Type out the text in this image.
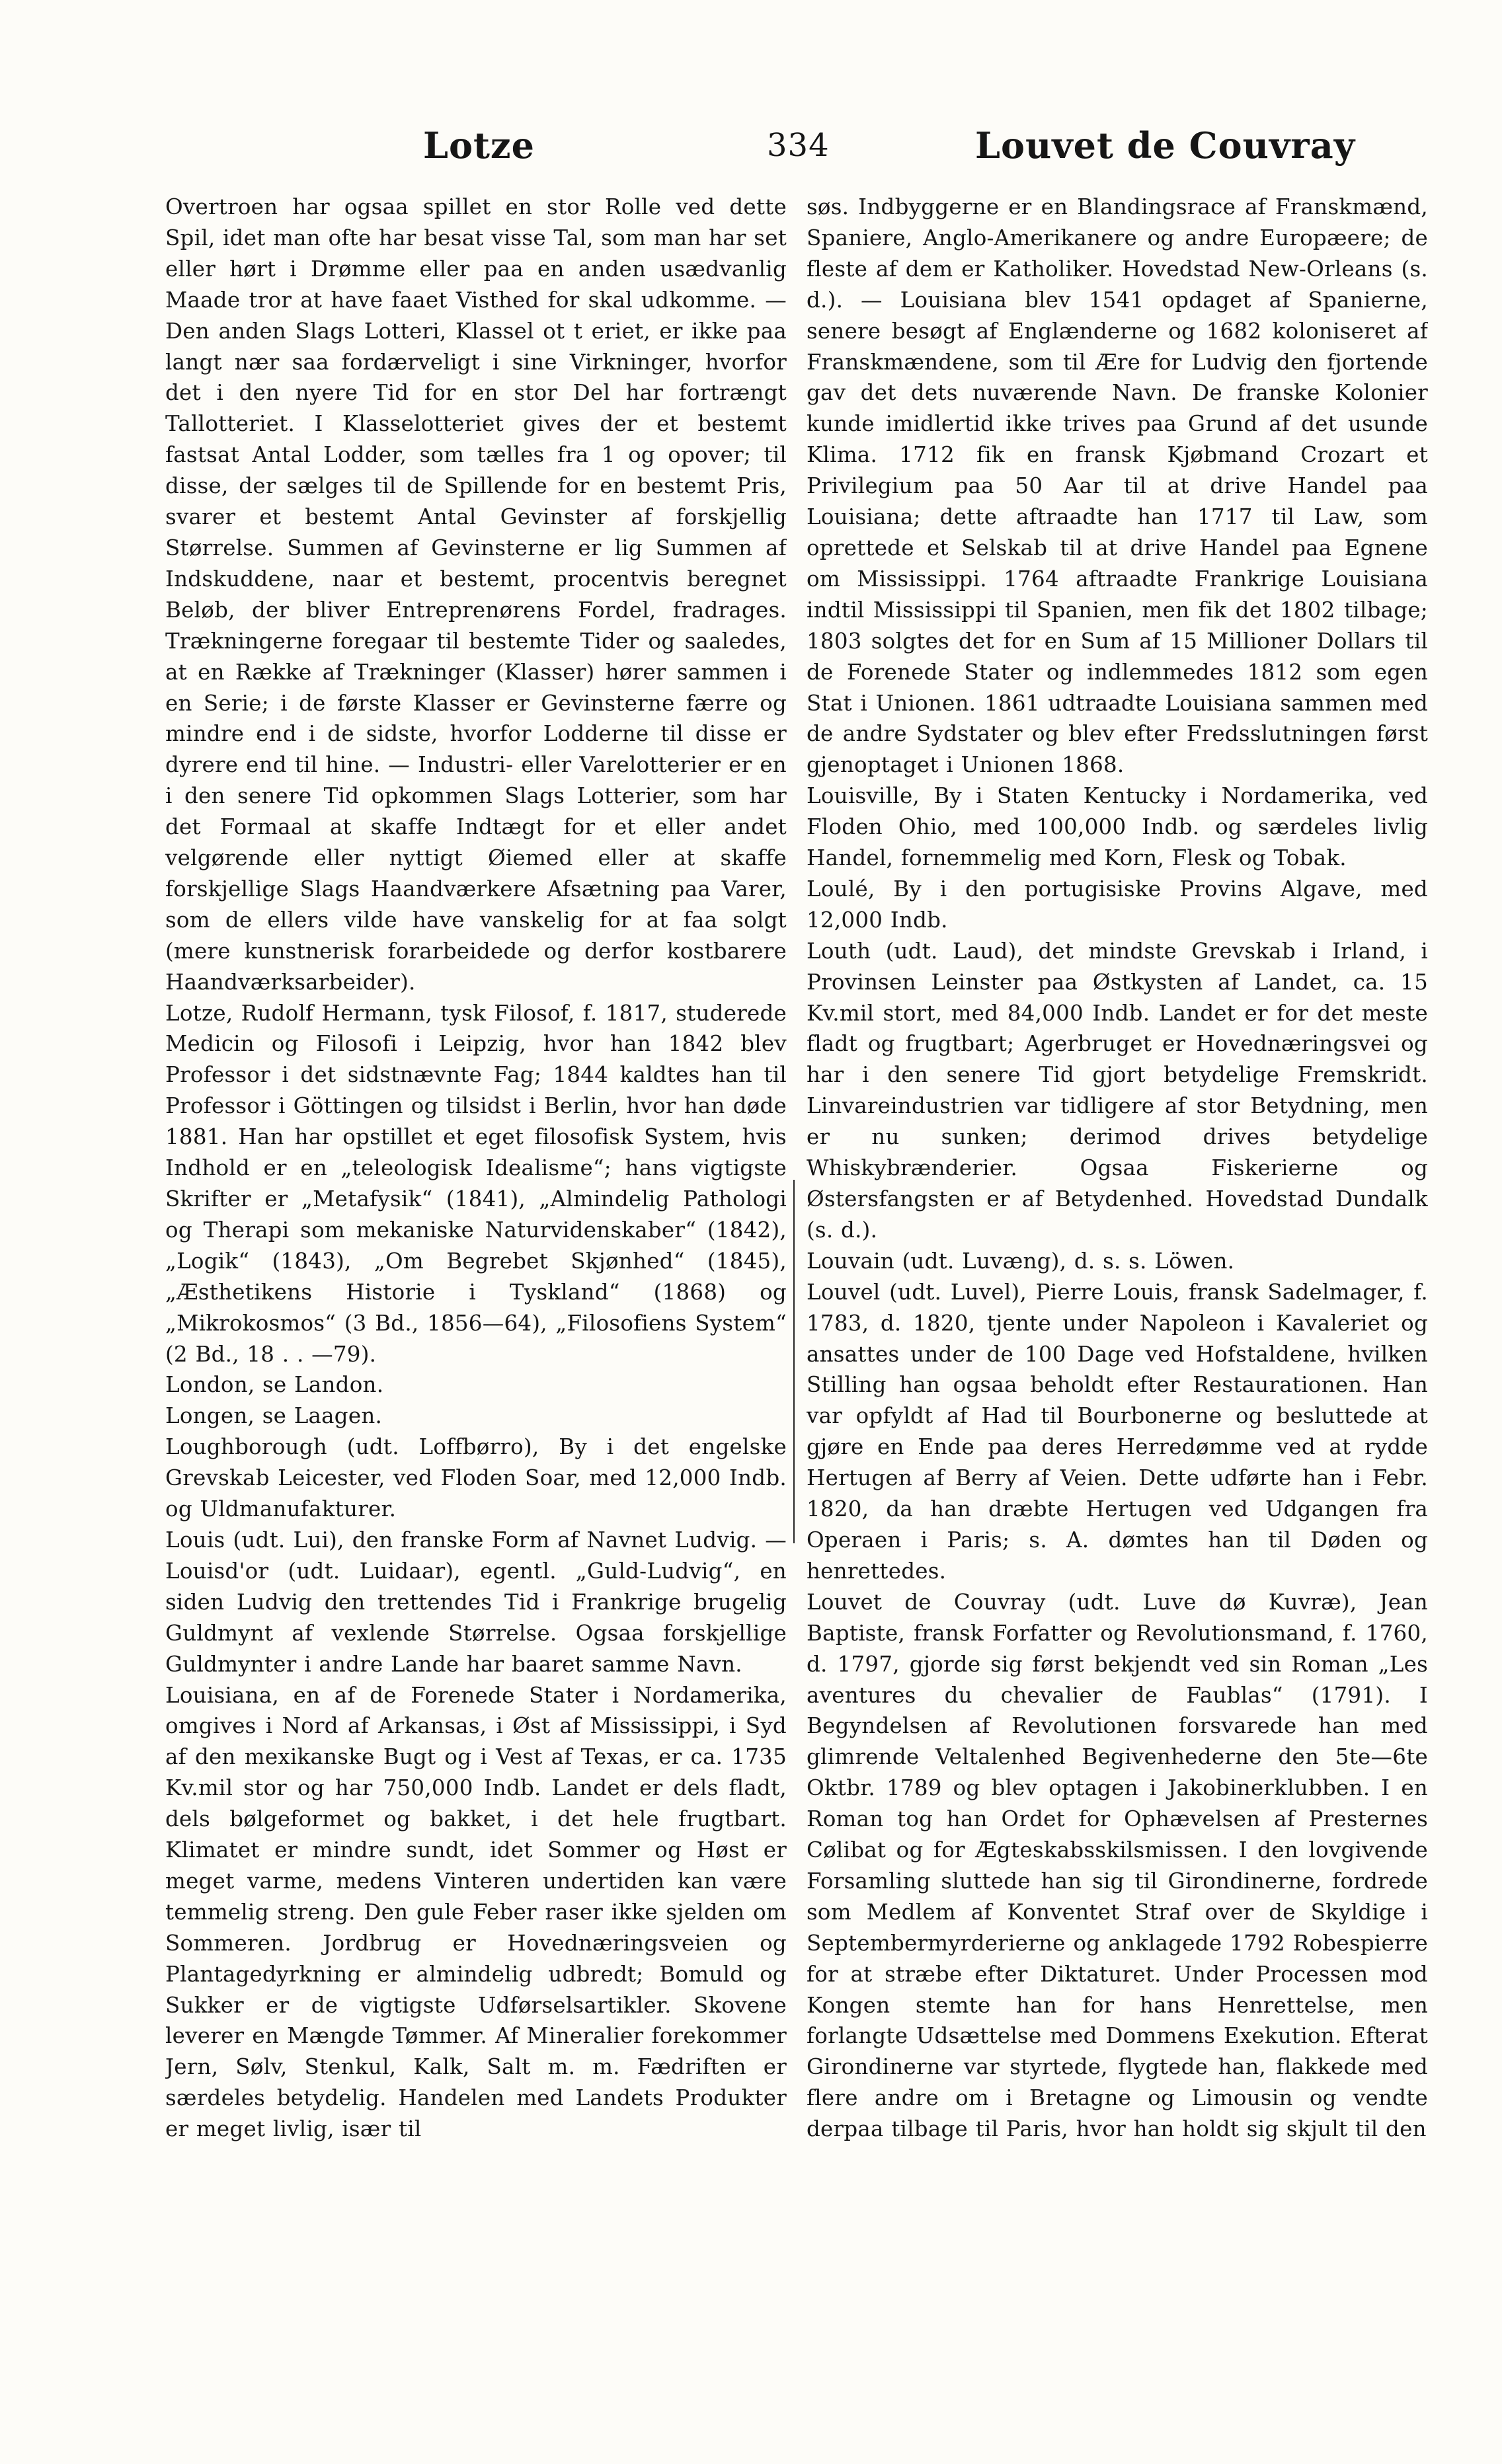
Lotze	334	Louvet de Couvray

Overtroen har ogsaa spillet en stor Rolle ved dette Spil, idet man ofte har besat visse Tal, som man har set eller hørt i Drømme eller paa en anden usædvanlig Maade tror at have faaet Visthed for skal udkomme. — Den anden Slags Lotteri, Klassel ot t eriet, er ikke paa langt nær saa fordærveligt i sine Virkninger, hvorfor det i den nyere Tid for en stor Del har fortrængt Tallotteriet. I Klasselotteriet gives der et bestemt fastsat Antal Lodder, som tælles fra 1 og opover; til disse, der sælges til de Spillende for en bestemt Pris, svarer et bestemt Antal Gevinster af forskjellig Størrelse. Summen af Gevinsterne er lig Summen af Indskuddene, naar et bestemt, procentvis beregnet Beløb, der bliver Entreprenørens Fordel, fradrages. Trækningerne foregaar til bestemte Tider og saaledes, at en Række af Trækninger (Klasser) hører sammen i en Serie; i de første Klasser er Gevinsterne færre og mindre end i de sidste, hvorfor Lodderne til disse er dyrere end til hine. — Industri- eller Varelotterier er en i den senere Tid opkommen Slags Lotterier, som har det Formaal at skaffe Indtægt for et eller andet velgørende eller nyttigt Øiemed eller at skaffe forskjellige Slags Haandværkere Afsætning paa Varer, som de ellers vilde have vanskelig for at faa solgt (mere kunstnerisk forarbeidede og derfor kostbarere Haandværksarbeider).

Lotze, Rudolf Hermann, tysk Filosof, f. 1817, studerede Medicin og Filosofi i Leipzig, hvor han 1842 blev Professor i det sidstnævnte Fag; 1844 kaldtes han til Professor i Göttingen og tilsidst i Berlin, hvor han døde 1881. Han har opstillet et eget filosofisk System, hvis Indhold er en „teleologisk Idealisme“; hans vigtigste Skrifter er „Metafysik“ (1841), „Almindelig Pathologi og Therapi som mekaniske Naturvidenskaber“ (1842), „Logik“ (1843), „Om Begrebet Skjønhed“ (1845), „Æsthetikens Historie i Tyskland“ (1868) og „Mikrokosmos“ (3 Bd., 1856—64), „Filosofiens System“ (2 Bd., 18 . . —79).

London, se Landon.

Longen, se Laagen.

Loughborough (udt. Loffbørro), By i det engelske Grevskab Leicester, ved Floden Soar, med 12,000 Indb. og Uldmanufakturer.

Louis (udt. Lui), den franske Form af Navnet Ludvig. — Louisd'or (udt. Luidaar), egentl. „Guld-Ludvig“, en siden Ludvig den trettendes Tid i Frankrige brugelig Guldmynt af vexlende Størrelse. Ogsaa forskjellige Guldmynter i andre Lande har baaret samme Navn.

Louisiana, en af de Forenede Stater i Nordamerika, omgives i Nord af Arkansas, i Øst af Mississippi, i Syd af den mexikanske Bugt og i Vest af Texas, er ca. 1735 Kv.mil stor og har 750,000 Indb. Landet er dels fladt, dels bølgeformet og bakket, i det hele frugtbart. Klimatet er mindre sundt, idet Sommer og Høst er meget varme, medens Vinteren undertiden kan være temmelig streng. Den gule Feber raser ikke sjelden om Sommeren. Jordbrug er Hovednæringsveien og Plantagedyrkning er almindelig udbredt; Bomuld og Sukker er de vigtigste Udførselsartikler. Skovene leverer en Mængde Tømmer. Af Mineralier forekommer Jern, Sølv, Stenkul, Kalk, Salt m. m. Fædriften er særdeles betydelig. Handelen med Landets Produkter er meget livlig, især til

søs. Indbyggerne er en Blandingsrace af Franskmænd, Spaniere, Anglo-Amerikanere og andre Europæere; de fleste af dem er Katholiker. Hovedstad New-Orleans (s. d.). — Louisiana blev 1541 opdaget af Spanierne, senere besøgt af Englænderne og 1682 koloniseret af Franskmændene, som til Ære for Ludvig den fjortende gav det dets nuværende Navn. De franske Kolonier kunde imidlertid ikke trives paa Grund af det usunde Klima. 1712 fik en fransk Kjøbmand Crozart et Privilegium paa 50 Aar til at drive Handel paa Louisiana; dette aftraadte han 1717 til Law, som oprettede et Selskab til at drive Handel paa Egnene om Mississippi. 1764 aftraadte Frankrige Louisiana indtil Mississippi til Spanien, men fik det 1802 tilbage; 1803 solgtes det for en Sum af 15 Millioner Dollars til de Forenede Stater og indlemmedes 1812 som egen Stat i Unionen. 1861 udtraadte Louisiana sammen med de andre Sydstater og blev efter Fredsslutningen først gjenoptaget i Unionen 1868.

Louisville, By i Staten Kentucky i Nordamerika, ved Floden Ohio, med 100,000 Indb. og særdeles livlig Handel, fornemmelig med Korn, Flesk og Tobak.

Loulé, By i den portugisiske Provins Algave, med 12,000 Indb.

Louth (udt. Laud), det mindste Grevskab i Irland, i Provinsen Leinster paa Østkysten af Landet, ca. 15 Kv.mil stort, med 84,000 Indb. Landet er for det meste fladt og frugtbart; Agerbruget er Hovednæringsvei og har i den senere Tid gjort betydelige Fremskridt. Linvareindustrien var tidligere af stor Betydning, men er nu sunken; derimod drives betydelige Whiskybrænderier. Ogsaa Fiskerierne og Østersfangsten er af Betydenhed. Hovedstad Dundalk (s. d.).

Louvain (udt. Luvæng), d. s. s. Löwen.

Louvel (udt. Luvel), Pierre Louis, fransk Sadelmager, f. 1783, d. 1820, tjente under Napoleon i Kavaleriet og ansattes under de 100 Dage ved Hofstaldene, hvilken Stilling han ogsaa beholdt efter Restaurationen. Han var opfyldt af Had til Bourbonerne og besluttede at gjøre en Ende paa deres Herredømme ved at rydde Hertugen af Berry af Veien. Dette udførte han i Febr. 1820, da han dræbte Hertugen ved Udgangen fra Operaen i Paris; s. A. dømtes han til Døden og henrettedes.

Louvet de Couvray (udt. Luve dø Kuvræ), Jean Baptiste, fransk Forfatter og Revolutionsmand, f. 1760, d. 1797, gjorde sig først bekjendt ved sin Roman „Les aventures du chevalier de Faublas“ (1791). I Begyndelsen af Revolutionen forsvarede han med glimrende Veltalenhed Begivenhederne den 5te—6te Oktbr. 1789 og blev optagen i Jakobinerklubben. I en Roman tog han Ordet for Ophævelsen af Presternes Cølibat og for Ægteskabsskilsmissen. I den lovgivende Forsamling sluttede han sig til Girondinerne, fordrede som Medlem af Konventet Straf over de Skyldige i Septembermyrderierne og anklagede 1792 Robespierre for at stræbe efter Diktaturet. Under Processen mod Kongen stemte han for hans Henrettelse, men forlangte Udsættelse med Dommens Exekution. Efterat Girondinerne var styrtede, flygtede han, flakkede med flere andre om i Bretagne og Limousin og vendte derpaa tilbage til Paris, hvor han holdt sig skjult til den
